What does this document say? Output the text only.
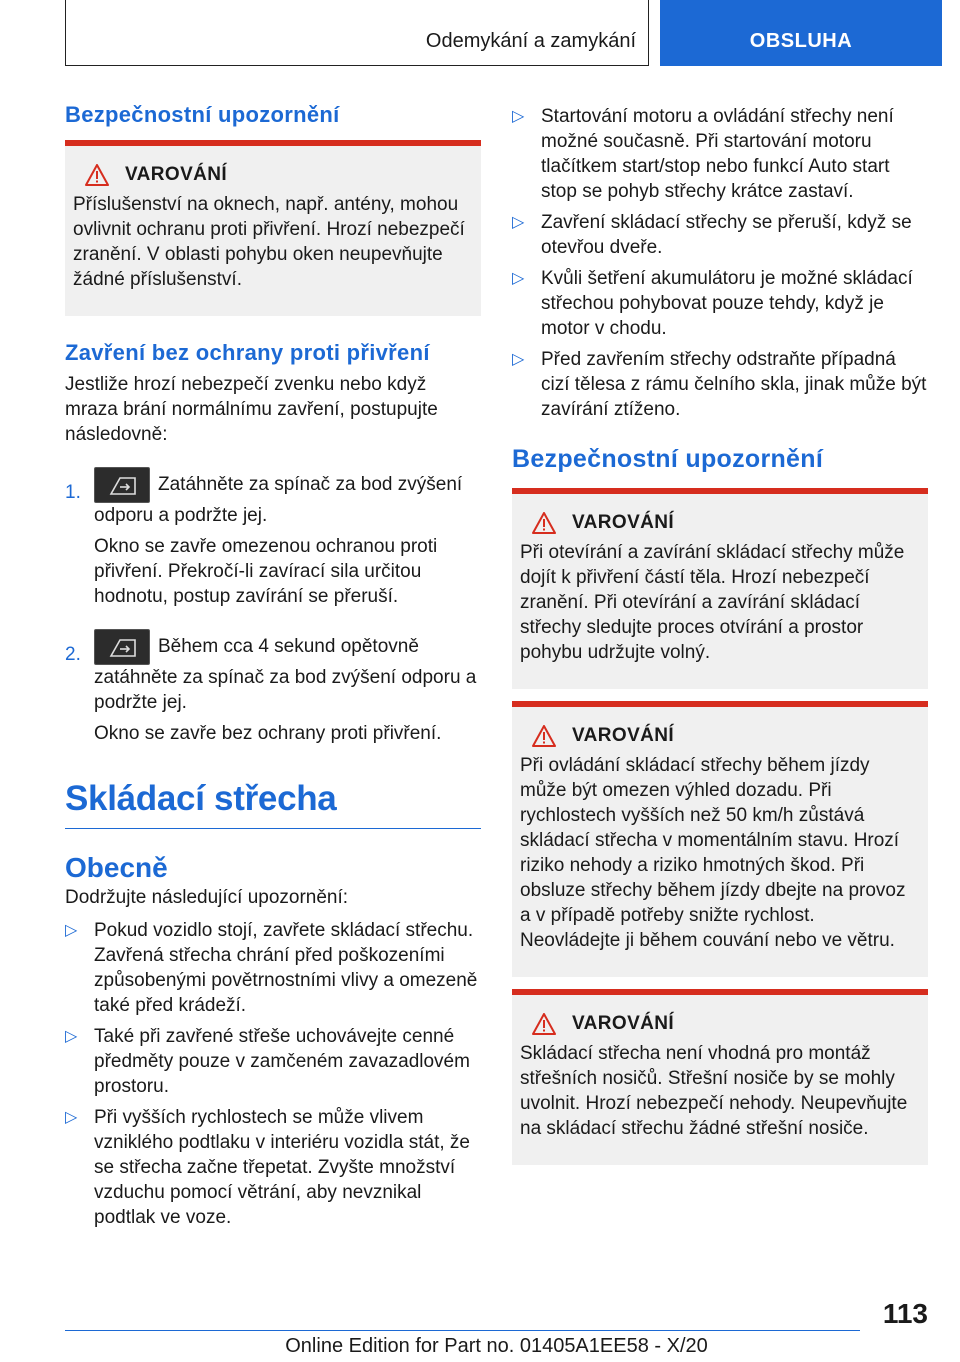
Odemykání a zamykání	OBSLUHA
Bezpečnostní upozornění
VAROVÁNÍ

Příslušenství na oknech, např. antény, mohou ovlivnit ochranu proti přivření. Hrozí nebezpečí zranění. V oblasti pohybu oken neupevňujte žádné příslušenství.

Zavření bez ochrany proti přivření

Jestliže hrozí nebezpečí zvenku nebo když mraza brání normálnímu zavření, postupujte následovně:

1.	Zatáhněte za spínač za bod zvýšení odporu a podržte jej.

Okno se zavře omezenou ochranou proti přivření. Překročí-li zavírací sila určitou hodnotu, postup zavírání se přeruší.

2.	Během cca 4 sekund opětovně zatáhněte za spínač za bod zvýšení odporu a podržte jej.

Okno se zavře bez ochrany proti přivření.

Skládací střecha
Obecně

Dodržujte následující upozornění:

▷ Pokud vozidlo stojí, zavřete skládací střechu. Zavřená střecha chrání před poškozeními způsobenými povětrnostními vlivy a omezeně také před krádeží.
▷ Také při zavřené střeše uchovávejte cenné předměty pouze v zamčeném zavazadlovém prostoru.
▷ Při vyšších rychlostech se může vlivem vzniklého podtlaku v interiéru vozidla stát, že se střecha začne třepetat. Zvyšte množství vzduchu pomocí větrání, aby nevznikal podtlak ve voze.
▷ Startování motoru a ovládání střechy není možné současně. Při startování motoru tlačítkem start/stop nebo funkcí Auto start stop se pohyb střechy krátce zastaví.
▷ Zavření skládací střechy se přeruší, když se otevřou dveře.
▷ Kvůli šetření akumulátoru je možné skládací střechou pohybovat pouze tehdy, když je motor v chodu.
▷ Před zavřením střechy odstraňte případná cizí tělesa z rámu čelního skla, jinak může být zavírání ztíženo.
Bezpečnostní upozornění
VAROVÁNÍ

Při otevírání a zavírání skládací střechy může dojít k přivření částí těla. Hrozí nebezpečí zranění. Při otevírání a zavírání skládací střechy sledujte proces otvírání a prostor pohybu udržujte volný.

VAROVÁNÍ

Při ovládání skládací střechy během jízdy může být omezen výhled dozadu. Při rychlostech vyšších než 50 km/h zůstává skládací střecha v momentálním stavu. Hrozí riziko nehody a riziko hmotných škod. Při obsluze střechy během jízdy dbejte na provoz a v případě potřeby snižte rychlost. Neovládejte ji během couvání nebo ve větru.

VAROVÁNÍ

Skládací střecha není vhodná pro montáž střešních nosičů. Střešní nosiče by se mohly uvolnit. Hrozí nebezpečí nehody. Neupevňujte na skládací střechu žádné střešní nosiče.

113
Online Edition for Part no. 01405A1EE58 - X/20
